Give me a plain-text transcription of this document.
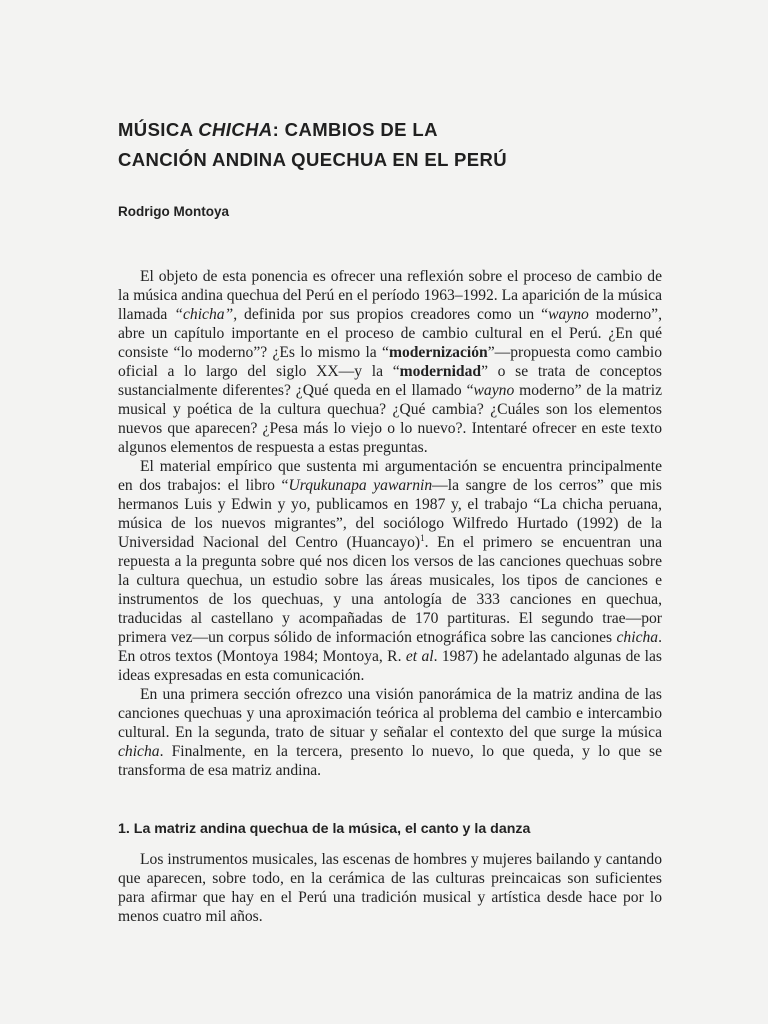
MÚSICA CHICHA: CAMBIOS DE LA
CANCIÓN ANDINA QUECHUA EN EL PERÚ

Rodrigo Montoya

El objeto de esta ponencia es ofrecer una reflexión sobre el proceso de cambio de la música andina quechua del Perú en el período 1963–1992. La aparición de la música llamada “chicha”, definida por sus propios creadores como un “wayno moderno”, abre un capítulo importante en el proceso de cambio cultural en el Perú. ¿En qué consiste “lo moderno”? ¿Es lo mismo la “modernización”—propuesta como cambio oficial a lo largo del siglo XX—y la “modernidad” o se trata de conceptos sustancialmente diferentes? ¿Qué queda en el llamado “wayno moderno” de la matriz musical y poética de la cultura quechua? ¿Qué cambia? ¿Cuáles son los elementos nuevos que aparecen? ¿Pesa más lo viejo o lo nuevo?. Intentaré ofrecer en este texto algunos elementos de respuesta a estas preguntas.

El material empírico que sustenta mi argumentación se encuentra principalmente en dos trabajos: el libro “Urqukunapa yawarnin—la sangre de los cerros” que mis hermanos Luis y Edwin y yo, publicamos en 1987 y, el trabajo “La chicha peruana, música de los nuevos migrantes”, del sociólogo Wilfredo Hurtado (1992) de la Universidad Nacional del Centro (Huancayo)$^1$. En el primero se encuentran una repuesta a la pregunta sobre qué nos dicen los versos de las canciones quechuas sobre la cultura quechua, un estudio sobre las áreas musicales, los tipos de canciones e instrumentos de los quechuas, y una antología de 333 canciones en quechua, traducidas al castellano y acompañadas de 170 partituras. El segundo trae—por primera vez—un corpus sólido de información etnográfica sobre las canciones chicha. En otros textos (Montoya 1984; Montoya, R. et al. 1987) he adelantado algunas de las ideas expresadas en esta comunicación.

En una primera sección ofrezco una visión panorámica de la matriz andina de las canciones quechuas y una aproximación teórica al problema del cambio e intercambio cultural. En la segunda, trato de situar y señalar el contexto del que surge la música chicha. Finalmente, en la tercera, presento lo nuevo, lo que queda, y lo que se transforma de esa matriz andina.

1. La matriz andina quechua de la música, el canto y la danza

Los instrumentos musicales, las escenas de hombres y mujeres bailando y cantando que aparecen, sobre todo, en la cerámica de las culturas preincaicas son suficientes para afirmar que hay en el Perú una tradición musical y artística desde hace por lo menos cuatro mil años.
